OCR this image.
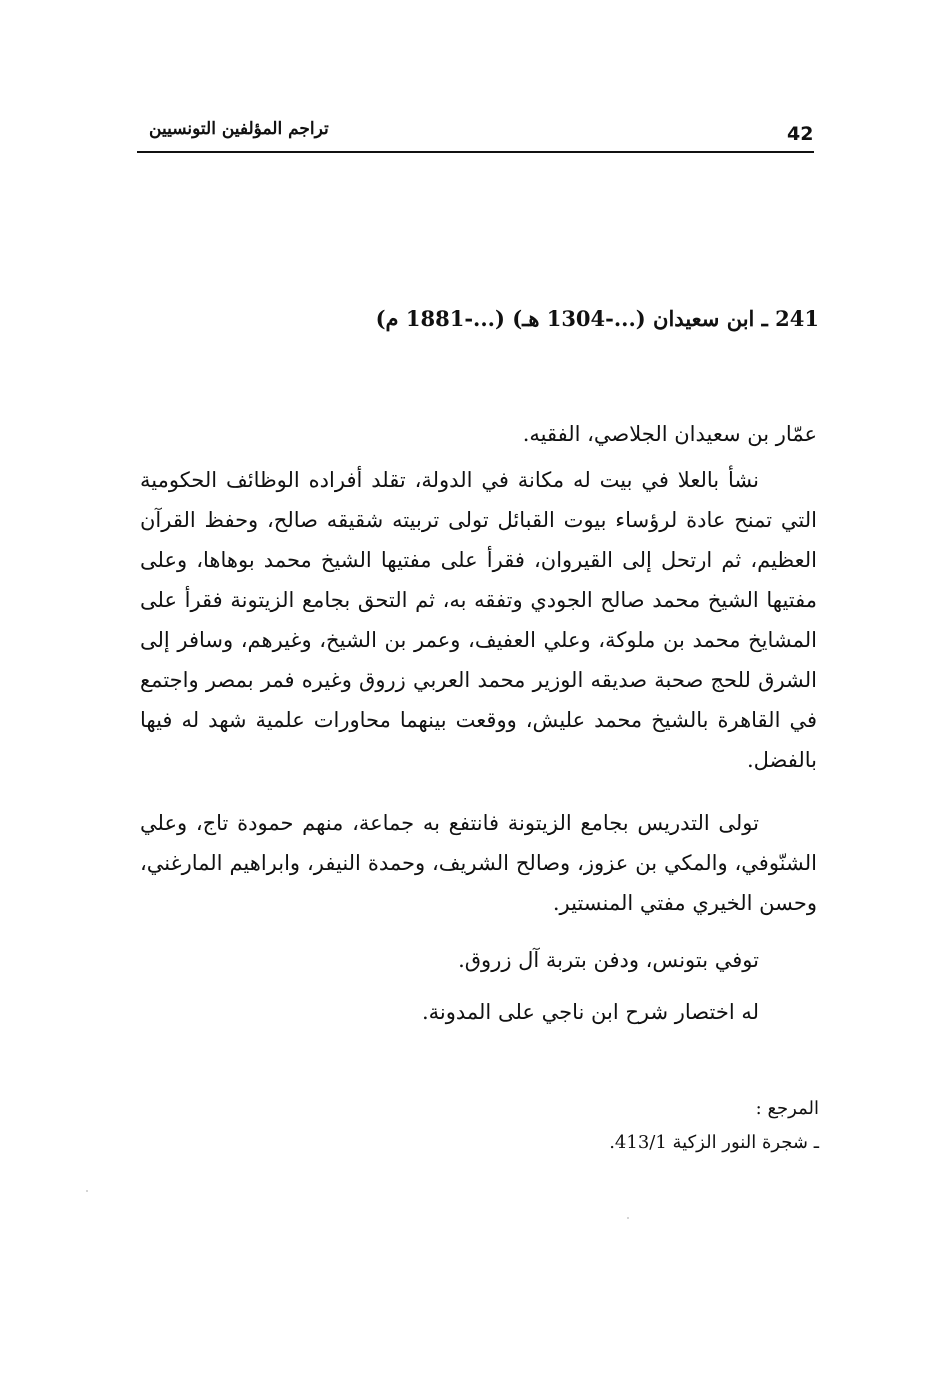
تراجم المؤلفين التونسيين	42
241 ـ ابن سعيدان (...-1304 هـ) (...-1881 م)
عمّار بن سعيدان الجلاصي، الفقيه.
نشأ بالعلا في بيت له مكانة في الدولة، تقلد أفراده الوظائف الحكومية التي تمنح عادة لرؤساء بيوت القبائل تولى تربيته شقيقه صالح، وحفظ القرآن العظيم، ثم ارتحل إلى القيروان، فقرأ على مفتيها الشيخ محمد بوهاها، وعلى مفتيها الشيخ محمد صالح الجودي وتفقه به، ثم التحق بجامع الزيتونة فقرأ على المشايخ محمد بن ملوكة، وعلي العفيف، وعمر بن الشيخ، وغيرهم، وسافر إلى الشرق للحج صحبة صديقه الوزير محمد العربي زروق وغيره فمر بمصر واجتمع في القاهرة بالشيخ محمد عليش، ووقعت بينهما محاورات علمية شهد له فيها بالفضل.
تولى التدريس بجامع الزيتونة فانتفع به جماعة، منهم حمودة تاج، وعلي الشنّوفي، والمكي بن عزوز، وصالح الشريف، وحمدة النيفر، وابراهيم المارغني، وحسن الخيري مفتي المنستير.
توفي بتونس، ودفن بتربة آل زروق.
له اختصار شرح ابن ناجي على المدونة.
المرجع :
ـ شجرة النور الزكية 413/1.
